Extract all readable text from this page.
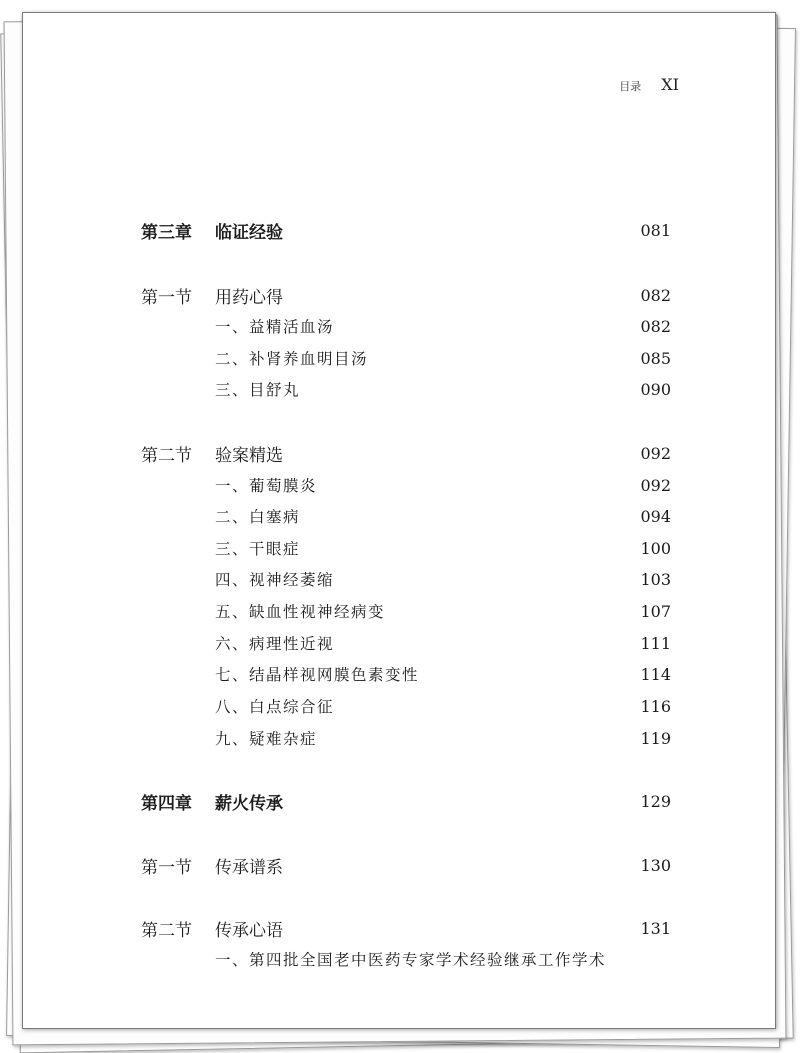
目录 XI
第三章 临证经验	081
第一节 用药心得	082
一、益精活血汤	082
二、补肾养血明目汤	085
三、目舒丸	090
第二节 验案精选	092
一、葡萄膜炎	092
二、白塞病	094
三、干眼症	100
四、视神经萎缩	103
五、缺血性视神经病变	107
六、病理性近视	111
七、结晶样视网膜色素变性	114
八、白点综合征	116
九、疑难杂症	119
第四章 薪火传承	129
第一节 传承谱系	130
第二节 传承心语	131
一、第四批全国老中医药专家学术经验继承工作学术
